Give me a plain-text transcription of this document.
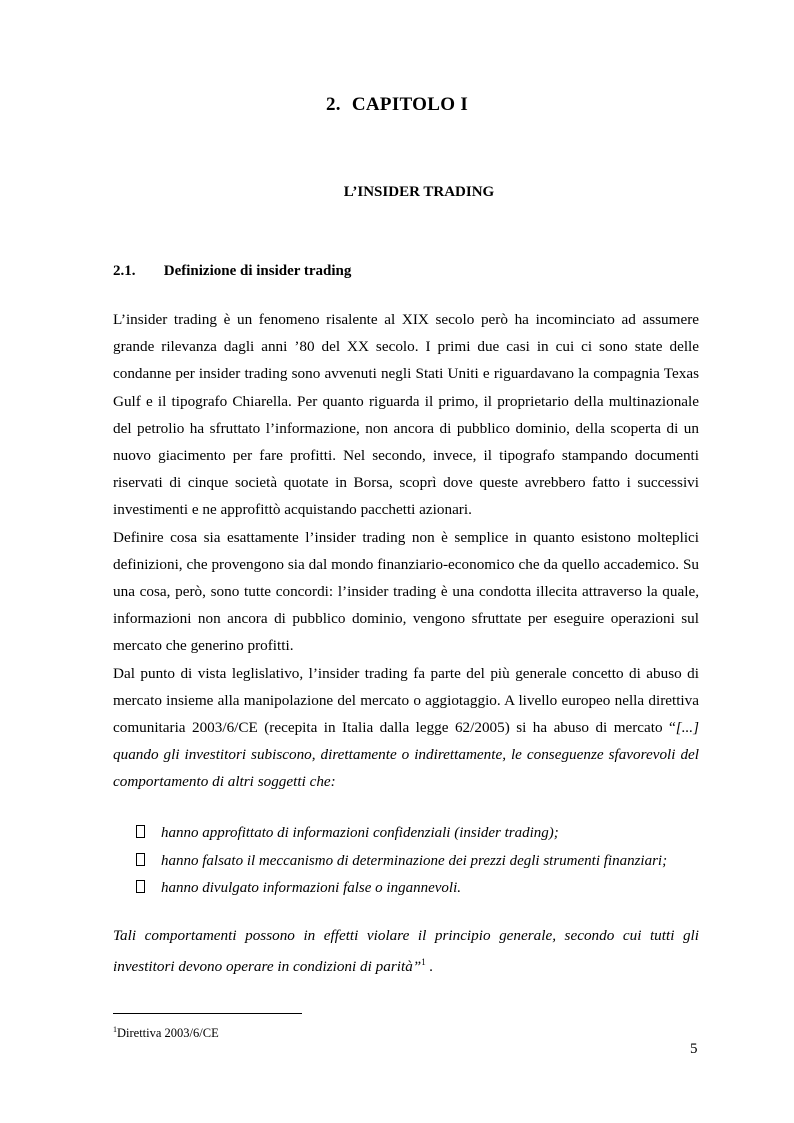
2. CAPITOLO I
L’INSIDER TRADING
2.1. Definizione di insider trading

L’insider trading è un fenomeno risalente al XIX secolo però ha incominciato ad assumere grande rilevanza dagli anni ’80 del XX secolo. I primi due casi in cui ci sono state delle condanne per insider trading sono avvenuti negli Stati Uniti e riguardavano la compagnia Texas Gulf e il tipografo Chiarella. Per quanto riguarda il primo, il proprietario della multinazionale del petrolio ha sfruttato l’informazione, non ancora di pubblico dominio, della scoperta di un nuovo giacimento per fare profitti. Nel secondo, invece, il tipografo stampando documenti riservati di cinque società quotate in Borsa, scoprì dove queste avrebbero fatto i successivi investimenti e ne approfittò acquistando pacchetti azionari.

Definire cosa sia esattamente l’insider trading non è semplice in quanto esistono molteplici definizioni, che provengono sia dal mondo finanziario-economico che da quello accademico. Su una cosa, però, sono tutte concordi: l’insider trading è una condotta illecita attraverso la quale, informazioni non ancora di pubblico dominio, vengono sfruttate per eseguire operazioni sul mercato che generino profitti.

Dal punto di vista leglislativo, l’insider trading fa parte del più generale concetto di abuso di mercato insieme alla manipolazione del mercato o aggiotaggio. A livello europeo nella direttiva comunitaria 2003/6/CE (recepita in Italia dalla legge 62/2005) si ha abuso di mercato “[...] quando gli investitori subiscono, direttamente o indirettamente, le conseguenze sfavorevoli del comportamento di altri soggetti che:

hanno approfittato di informazioni confidenziali (insider trading);
hanno falsato il meccanismo di determinazione dei prezzi degli strumenti finanziari;
hanno divulgato informazioni false o ingannevoli.
Tali comportamenti possono in effetti violare il principio generale, secondo cui tutti gli investitori devono operare in condizioni di parità”$^1$ .
$^1$Direttiva 2003/6/CE
5
